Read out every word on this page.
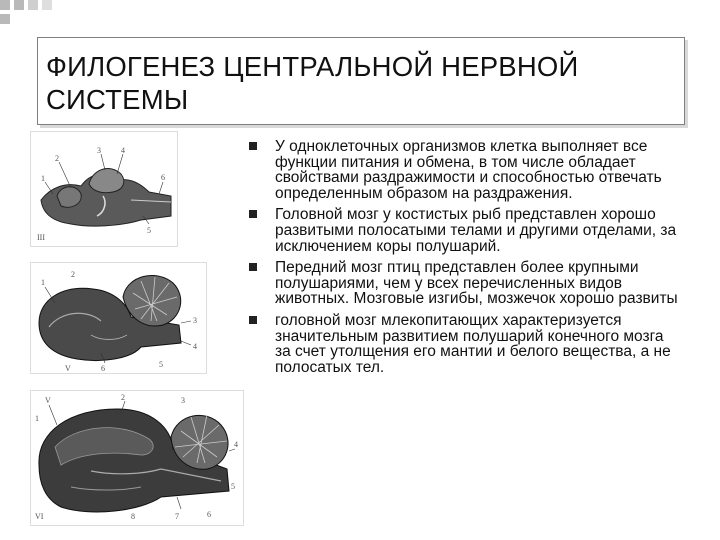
ФИЛОГЕНЕЗ ЦЕНТРАЛЬНОЙ НЕРВНОЙ СИСТЕМЫ
2
3	4
1
5
6
III
1
2
3
4
5
6
V
V
1
2	3
4
5
6
7
8
VI
У одноклеточных организмов клетка выполняет все функции питания и обмена, в том числе обладает свойствами раздражимости и способностью отвечать определенным образом на раздражения.
Головной мозг у костистых рыб представлен хорошо развитыми полосатыми телами и другими отделами, за исключением коры полушарий.
Передний мозг птиц представлен более крупными полушариями, чем у всех перечисленных видов животных. Мозговые изгибы, мозжечок хорошо развиты
головной мозг млекопитающих характеризуется значительным развитием полушарий конечного мозга за счет утолщения его мантии и белого вещества, а не полосатых тел.
